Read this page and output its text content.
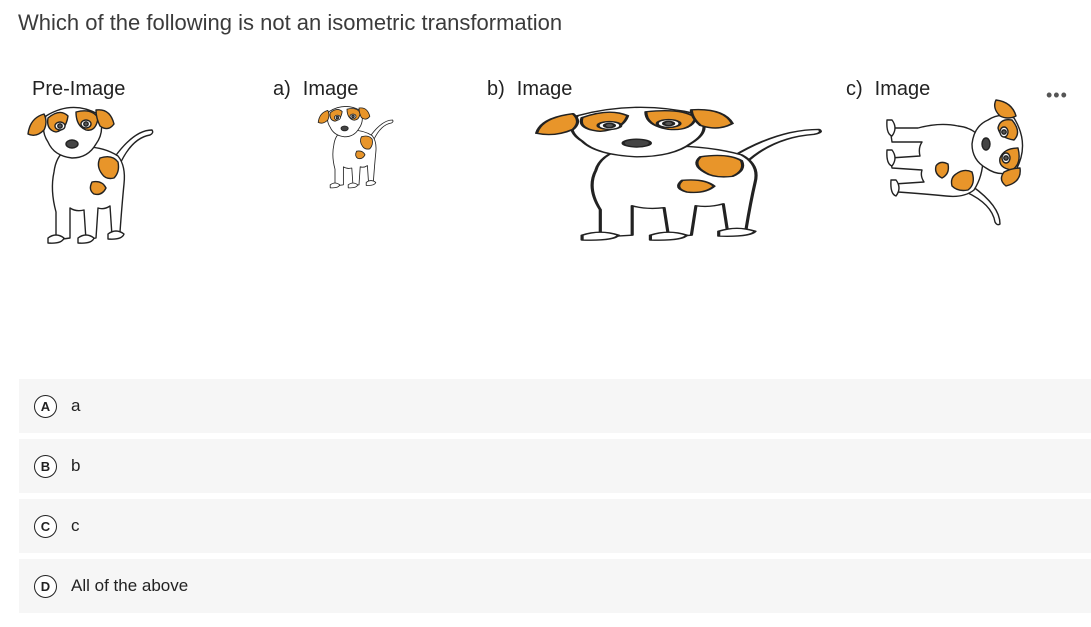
Which of the following is not an isometric transformation
Pre-Image	a) Image	b) Image	c) Image	•••
A	a
B	b
C	c
D	All of the above
